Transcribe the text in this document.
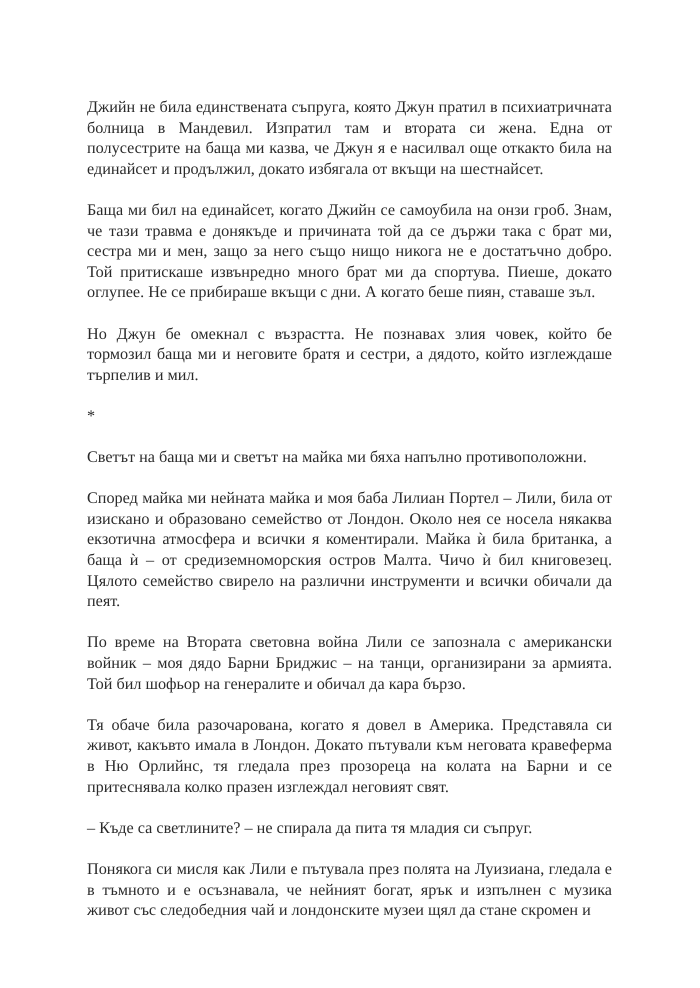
Джийн не била единствената съпруга, която Джун пратил в психиатричната болница в Мандевил. Изпратил там и втората си жена. Една от полусестрите на баща ми казва, че Джун я е насилвал още откакто била на единайсет и продължил, докато избягала от вкъщи на шестнайсет.

Баща ми бил на единайсет, когато Джийн се самоубила на онзи гроб. Знам, че тази травма е донякъде и причината той да се държи така с брат ми, сестра ми и мен, защо за него също нищо никога не е достатъчно добро. Той притискаше извънредно много брат ми да спортува. Пиеше, докато оглупее. Не се прибираше вкъщи с дни. А когато беше пиян, ставаше зъл.

Но Джун бе омекнал с възрастта. Не познавах злия човек, който бе тормозил баща ми и неговите братя и сестри, а дядото, който изглеждаше търпелив и мил.

*

Светът на баща ми и светът на майка ми бяха напълно противоположни.

Според майка ми нейната майка и моя баба Лилиан Портел – Лили, била от изискано и образовано семейство от Лондон. Около нея се носела някаква екзотична атмосфера и всички я коментирали. Майка ѝ била британка, а баща ѝ – от средиземноморския остров Малта. Чичо ѝ бил книговезец. Цялото семейство свирело на различни инструменти и всички обичали да пеят.

По време на Втората световна война Лили се запознала с американски войник – моя дядо Барни Бриджис – на танци, организирани за армията. Той бил шофьор на генералите и обичал да кара бързо.

Тя обаче била разочарована, когато я довел в Америка. Представяла си живот, какъвто имала в Лондон. Докато пътували към неговата кравеферма в Ню Орлийнс, тя гледала през прозореца на колата на Барни и се притеснявала колко празен изглеждал неговият свят.

– Къде са светлините? – не спирала да пита тя младия си съпруг.

Понякога си мисля как Лили е пътувала през полята на Луизиана, гледала е в тъмното и е осъзнавала, че нейният богат, ярък и изпълнен с музика живот със следобедния чай и лондонските музеи щял да стане скромен и
